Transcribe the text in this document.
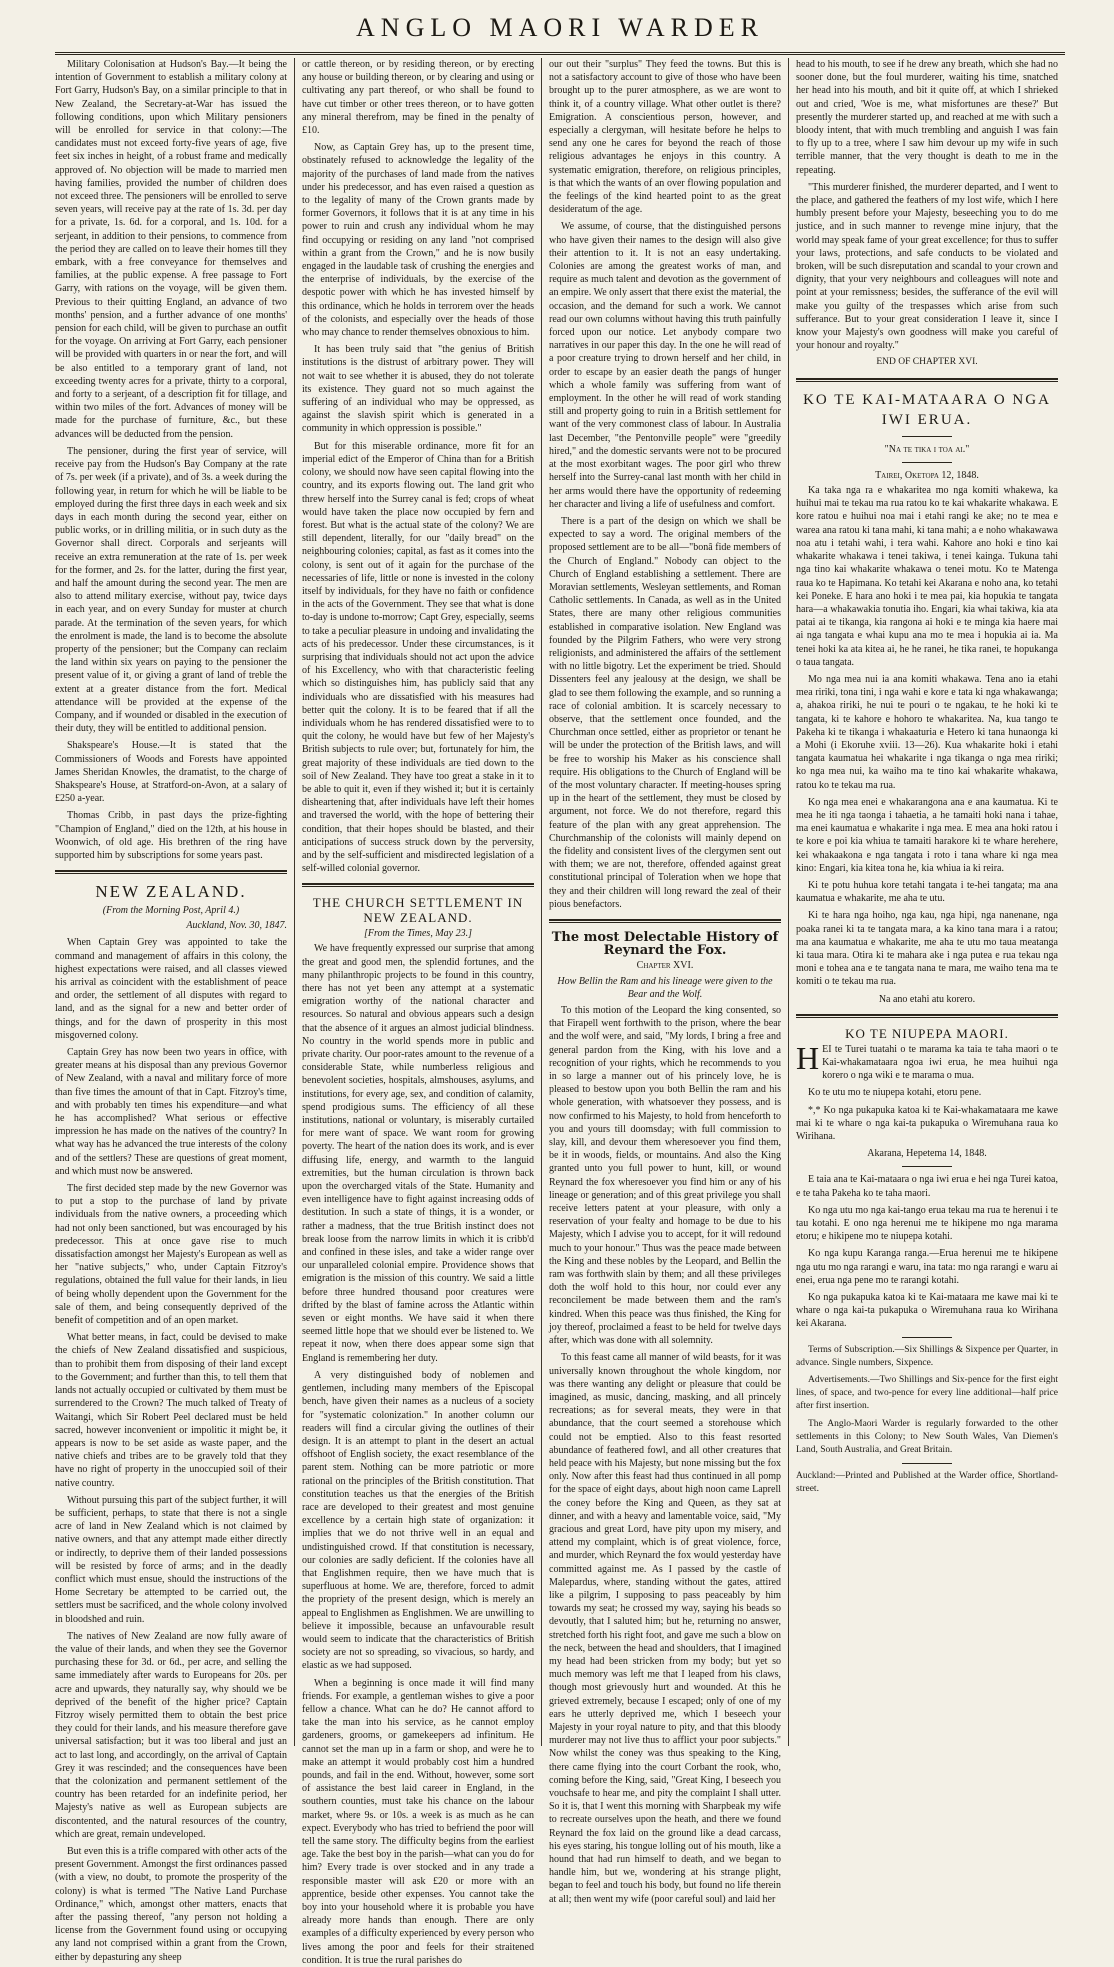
ANGLO MAORI WARDER

Military Colonisation at Hudson's Bay.—It being the intention of Government to establish a military colony at Fort Garry, Hudson's Bay, on a similar principle to that in New Zealand, the Secretary-at-War has issued the following conditions, upon which Military pensioners will be enrolled for service in that colony:—The candidates must not exceed forty-five years of age, five feet six inches in height, of a robust frame and medically approved of. No objection will be made to married men having families, provided the number of children does not exceed three. The pensioners will be enrolled to serve seven years, will receive pay at the rate of 1s. 3d. per day for a private, 1s. 6d. for a corporal, and 1s. 10d. for a serjeant, in addition to their pensions, to commence from the period they are called on to leave their homes till they embark, with a free conveyance for themselves and families, at the public expense. A free passage to Fort Garry, with rations on the voyage, will be given them. Previous to their quitting England, an advance of two months' pension, and a further advance of one months' pension for each child, will be given to purchase an outfit for the voyage. On arriving at Fort Garry, each pensioner will be provided with quarters in or near the fort, and will be also entitled to a temporary grant of land, not exceeding twenty acres for a private, thirty to a corporal, and forty to a serjeant, of a description fit for tillage, and within two miles of the fort. Advances of money will be made for the purchase of furniture, &c., but these advances will be deducted from the pension.

The pensioner, during the first year of service, will receive pay from the Hudson's Bay Company at the rate of 7s. per week (if a private), and of 3s. a week during the following year, in return for which he will be liable to be employed during the first three days in each week and six days in each month during the second year, either on public works, or in drilling militia, or in such duty as the Governor shall direct. Corporals and serjeants will receive an extra remuneration at the rate of 1s. per week for the former, and 2s. for the latter, during the first year, and half the amount during the second year. The men are also to attend military exercise, without pay, twice days in each year, and on every Sunday for muster at church parade. At the termination of the seven years, for which the enrolment is made, the land is to become the absolute property of the pensioner; but the Company can reclaim the land within six years on paying to the pensioner the present value of it, or giving a grant of land of treble the extent at a greater distance from the fort. Medical attendance will be provided at the expense of the Company, and if wounded or disabled in the execution of their duty, they will be entitled to additional pension.

Shakspeare's House.—It is stated that the Commissioners of Woods and Forests have appointed James Sheridan Knowles, the dramatist, to the charge of Shakspeare's House, at Stratford-on-Avon, at a salary of £250 a-year.

Thomas Cribb, in past days the prize-fighting "Champion of England," died on the 12th, at his house in Woonwich, of old age. His brethren of the ring have supported him by subscriptions for some years past.

NEW ZEALAND.
(From the Morning Post, April 4.)
Auckland, Nov. 30, 1847.

When Captain Grey was appointed to take the command and management of affairs in this colony, the highest expectations were raised, and all classes viewed his arrival as coincident with the establishment of peace and order, the settlement of all disputes with regard to land, and as the signal for a new and better order of things, and for the dawn of prosperity in this most misgoverned colony.

Captain Grey has now been two years in office, with greater means at his disposal than any previous Governor of New Zealand, with a naval and military force of more than five times the amount of that in Capt. Fitzroy's time, and with probably ten times his expenditure—and what he has accomplished? What serious or effective impression he has made on the natives of the country? In what way has he advanced the true interests of the colony and of the settlers? These are questions of great moment, and which must now be answered.

The first decided step made by the new Governor was to put a stop to the purchase of land by private individuals from the native owners, a proceeding which had not only been sanctioned, but was encouraged by his predecessor. This at once gave rise to much dissatisfaction amongst her Majesty's European as well as her "native subjects," who, under Captain Fitzroy's regulations, obtained the full value for their lands, in lieu of being wholly dependent upon the Government for the sale of them, and being consequently deprived of the benefit of competition and of an open market.

What better means, in fact, could be devised to make the chiefs of New Zealand dissatisfied and suspicious, than to prohibit them from disposing of their land except to the Government; and further than this, to tell them that lands not actually occupied or cultivated by them must be surrendered to the Crown? The much talked of Treaty of Waitangi, which Sir Robert Peel declared must be held sacred, however inconvenient or impolitic it might be, it appears is now to be set aside as waste paper, and the native chiefs and tribes are to be gravely told that they have no right of property in the unoccupied soil of their native country.

Without pursuing this part of the subject further, it will be sufficient, perhaps, to state that there is not a single acre of land in New Zealand which is not claimed by native owners, and that any attempt made either directly or indirectly, to deprive them of their landed possessions will be resisted by force of arms; and in the deadly conflict which must ensue, should the instructions of the Home Secretary be attempted to be carried out, the settlers must be sacrificed, and the whole colony involved in bloodshed and ruin.

The natives of New Zealand are now fully aware of the value of their lands, and when they see the Governor purchasing these for 3d. or 6d., per acre, and selling the same immediately after wards to Europeans for 20s. per acre and upwards, they naturally say, why should we be deprived of the benefit of the higher price? Captain Fitzroy wisely permitted them to obtain the best price they could for their lands, and his measure therefore gave universal satisfaction; but it was too liberal and just an act to last long, and accordingly, on the arrival of Captain Grey it was rescinded; and the consequences have been that the colonization and permanent settlement of the country has been retarded for an indefinite period, her Majesty's native as well as European subjects are discontented, and the natural resources of the country, which are great, remain undeveloped.

But even this is a trifle compared with other acts of the present Government. Amongst the first ordinances passed (with a view, no doubt, to promote the prosperity of the colony) is what is termed "The Native Land Purchase Ordinance," which, amongst other matters, enacts that after the passing thereof, "any person not holding a license from the Government found using or occupying any land not comprised within a grant from the Crown, either by depasturing any sheep

or cattle thereon, or by residing thereon, or by erecting any house or building thereon, or by clearing and using or cultivating any part thereof, or who shall be found to have cut timber or other trees thereon, or to have gotten any mineral therefrom, may be fined in the penalty of £10.

Now, as Captain Grey has, up to the present time, obstinately refused to acknowledge the legality of the majority of the purchases of land made from the natives under his predecessor, and has even raised a question as to the legality of many of the Crown grants made by former Governors, it follows that it is at any time in his power to ruin and crush any individual whom he may find occupying or residing on any land "not comprised within a grant from the Crown," and he is now busily engaged in the laudable task of crushing the energies and the enterprise of individuals, by the exercise of the despotic power with which he has invested himself by this ordinance, which he holds in terrorem over the heads of the colonists, and especially over the heads of those who may chance to render themselves obnoxious to him.

It has been truly said that "the genius of British institutions is the distrust of arbitrary power. They will not wait to see whether it is abused, they do not tolerate its existence. They guard not so much against the suffering of an individual who may be oppressed, as against the slavish spirit which is generated in a community in which oppression is possible."

But for this miserable ordinance, more fit for an imperial edict of the Emperor of China than for a British colony, we should now have seen capital flowing into the country, and its exports flowing out. The land grit who threw herself into the Surrey canal is fed; crops of wheat would have taken the place now occupied by fern and forest. But what is the actual state of the colony? We are still dependent, literally, for our "daily bread" on the neighbouring colonies; capital, as fast as it comes into the colony, is sent out of it again for the purchase of the necessaries of life, little or none is invested in the colony itself by individuals, for they have no faith or confidence in the acts of the Government. They see that what is done to-day is undone to-morrow; Capt Grey, especially, seems to take a peculiar pleasure in undoing and invalidating the acts of his predecessor. Under these circumstances, is it surprising that individuals should not act upon the advice of his Excellency, who with that characteristic feeling which so distinguishes him, has publicly said that any individuals who are dissatisfied with his measures had better quit the colony. It is to be feared that if all the individuals whom he has rendered dissatisfied were to to quit the colony, he would have but few of her Majesty's British subjects to rule over; but, fortunately for him, the great majority of these individuals are tied down to the soil of New Zealand. They have too great a stake in it to be able to quit it, even if they wished it; but it is certainly disheartening that, after individuals have left their homes and traversed the world, with the hope of bettering their condition, that their hopes should be blasted, and their anticipations of success struck down by the perversity, and by the self-sufficient and misdirected legislation of a self-willed colonial governor.

THE CHURCH SETTLEMENT IN NEW ZEALAND.
[From the Times, May 23.]

We have frequently expressed our surprise that among the great and good men, the splendid fortunes, and the many philanthropic projects to be found in this country, there has not yet been any attempt at a systematic emigration worthy of the national character and resources. So natural and obvious appears such a design that the absence of it argues an almost judicial blindness. No country in the world spends more in public and private charity. Our poor-rates amount to the revenue of a considerable State, while numberless religious and benevolent societies, hospitals, almshouses, asylums, and institutions, for every age, sex, and condition of calamity, spend prodigious sums. The efficiency of all these institutions, national or voluntary, is miserably curtailed for mere want of space. We want room for growing poverty. The heart of the nation does its work, and is ever diffusing life, energy, and warmth to the languid extremities, but the human circulation is thrown back upon the overcharged vitals of the State. Humanity and even intelligence have to fight against increasing odds of destitution. In such a state of things, it is a wonder, or rather a madness, that the true British instinct does not break loose from the narrow limits in which it is cribb'd and confined in these isles, and take a wider range over our unparalleled colonial empire. Providence shows that emigration is the mission of this country. We said a little before three hundred thousand poor creatures were drifted by the blast of famine across the Atlantic within seven or eight months. We have said it when there seemed little hope that we should ever be listened to. We repeat it now, when there does appear some sign that England is remembering her duty.

A very distinguished body of noblemen and gentlemen, including many members of the Episcopal bench, have given their names as a nucleus of a society for "systematic colonization." In another column our readers will find a circular giving the outlines of their design. It is an attempt to plant in the desert an actual offshoot of English society, the exact resemblance of the parent stem. Nothing can be more patriotic or more rational on the principles of the British constitution. That constitution teaches us that the energies of the British race are developed to their greatest and most genuine excellence by a certain high state of organization: it implies that we do not thrive well in an equal and undistinguished crowd. If that constitution is necessary, our colonies are sadly deficient. If the colonies have all that Englishmen require, then we have much that is superfluous at home. We are, therefore, forced to admit the propriety of the present design, which is merely an appeal to Englishmen as Englishmen. We are unwilling to believe it impossible, because an unfavourable result would seem to indicate that the characteristics of British society are not so spreading, so vivacious, so hardy, and elastic as we had supposed.

When a beginning is once made it will find many friends. For example, a gentleman wishes to give a poor fellow a chance. What can he do? He cannot afford to take the man into his service, as he cannot employ gardeners, grooms, or gamekeepers ad infinitum. He cannot set the man up in a farm or shop, and were he to make an attempt it would probably cost him a hundred pounds, and fail in the end. Without, however, some sort of assistance the best laid career in England, in the southern counties, must take his chance on the labour market, where 9s. or 10s. a week is as much as he can expect. Everybody who has tried to befriend the poor will tell the same story. The difficulty begins from the earliest age. Take the best boy in the parish—what can you do for him? Every trade is over stocked and in any trade a responsible master will ask £20 or more with an apprentice, beside other expenses. You cannot take the boy into your household where it is probable you have already more hands than enough. There are only examples of a difficulty experienced by every person who lives among the poor and feels for their straitened condition. It is true the rural parishes do

our out their "surplus" They feed the towns. But this is not a satisfactory account to give of those who have been brought up to the purer atmosphere, as we are wont to think it, of a country village. What other outlet is there? Emigration. A conscientious person, however, and especially a clergyman, will hesitate before he helps to send any one he cares for beyond the reach of those religious advantages he enjoys in this country. A systematic emigration, therefore, on religious principles, is that which the wants of an over flowing population and the feelings of the kind hearted point to as the great desideratum of the age.

We assume, of course, that the distinguished persons who have given their names to the design will also give their attention to it. It is not an easy undertaking. Colonies are among the greatest works of man, and require as much talent and devotion as the government of an empire. We only assert that there exist the material, the occasion, and the demand for such a work. We cannot read our own columns without having this truth painfully forced upon our notice. Let anybody compare two narratives in our paper this day. In the one he will read of a poor creature trying to drown herself and her child, in order to escape by an easier death the pangs of hunger which a whole family was suffering from want of employment. In the other he will read of work standing still and property going to ruin in a British settlement for want of the very commonest class of labour. In Australia last December, "the Pentonville people" were "greedily hired," and the domestic servants were not to be procured at the most exorbitant wages. The poor girl who threw herself into the Surrey-canal last month with her child in her arms would there have the opportunity of redeeming her character and living a life of usefulness and comfort.

There is a part of the design on which we shall be expected to say a word. The original members of the proposed settlement are to be all—"bonâ fide members of the Church of England." Nobody can object to the Church of England establishing a settlement. There are Moravian settlements, Wesleyan settlements, and Roman Catholic settlements. In Canada, as well as in the United States, there are many other religious communities established in comparative isolation. New England was founded by the Pilgrim Fathers, who were very strong religionists, and administered the affairs of the settlement with no little bigotry. Let the experiment be tried. Should Dissenters feel any jealousy at the design, we shall be glad to see them following the example, and so running a race of colonial ambition. It is scarcely necessary to observe, that the settlement once founded, and the Churchman once settled, either as proprietor or tenant he will be under the protection of the British laws, and will be free to worship his Maker as his conscience shall require. His obligations to the Church of England will be of the most voluntary character. If meeting-houses spring up in the heart of the settlement, they must be closed by argument, not force. We do not therefore, regard this feature of the plan with any great apprehension. The Churchmanship of the colonists will mainly depend on the fidelity and consistent lives of the clergymen sent out with them; we are not, therefore, offended against great constitutional principal of Toleration when we hope that they and their children will long reward the zeal of their pious benefactors.

The most Delectable History of Reynard the Fox.
Chapter XVI.
How Bellin the Ram and his lineage were given to the Bear and the Wolf.

To this motion of the Leopard the king consented, so that Firapell went forthwith to the prison, where the bear and the wolf were, and said, "My lords, I bring a free and general pardon from the King, with his love and a recognition of your rights, which he recommends to you in so large a manner out of his princely love, he is pleased to bestow upon you both Bellin the ram and his whole generation, with whatsoever they possess, and is now confirmed to his Majesty, to hold from henceforth to you and yours till doomsday; with full commission to slay, kill, and devour them wheresoever you find them, be it in woods, fields, or mountains. And also the King granted unto you full power to hunt, kill, or wound Reynard the fox wheresoever you find him or any of his lineage or generation; and of this great privilege you shall receive letters patent at your pleasure, with only a reservation of your fealty and homage to be due to his Majesty, which I advise you to accept, for it will redound much to your honour." Thus was the peace made between the King and these nobles by the Leopard, and Bellin the ram was forthwith slain by them; and all these privileges doth the wolf hold to this hour, nor could ever any reconcilement be made between them and the ram's kindred. When this peace was thus finished, the King for joy thereof, proclaimed a feast to be held for twelve days after, which was done with all solemnity.

To this feast came all manner of wild beasts, for it was universally known throughout the whole kingdom, nor was there wanting any delight or pleasure that could be imagined, as music, dancing, masking, and all princely recreations; as for several meats, they were in that abundance, that the court seemed a storehouse which could not be emptied. Also to this feast resorted abundance of feathered fowl, and all other creatures that held peace with his Majesty, but none missing but the fox only. Now after this feast had thus continued in all pomp for the space of eight days, about high noon came Laprell the coney before the King and Queen, as they sat at dinner, and with a heavy and lamentable voice, said, "My gracious and great Lord, have pity upon my misery, and attend my complaint, which is of great violence, force, and murder, which Reynard the fox would yesterday have committed against me. As I passed by the castle of Malepardus, where, standing without the gates, attired like a pilgrim, I supposing to pass peaceably by him towards my seat; he crossed my way, saying his beads so devoutly, that I saluted him; but he, returning no answer, stretched forth his right foot, and gave me such a blow on the neck, between the head and shoulders, that I imagined my head had been stricken from my body; but yet so much memory was left me that I leaped from his claws, though most grievously hurt and wounded. At this he grieved extremely, because I escaped; only of one of my ears he utterly deprived me, which I beseech your Majesty in your royal nature to pity, and that this bloody murderer may not live thus to afflict your poor subjects." Now whilst the coney was thus speaking to the King, there came flying into the court Corbant the rook, who, coming before the King, said, "Great King, I beseech you vouchsafe to hear me, and pity the complaint I shall utter. So it is, that I went this morning with Sharpbeak my wife to recreate ourselves upon the heath, and there we found Reynard the fox laid on the ground like a dead carcass, his eyes staring, his tongue lolling out of his mouth, like a hound that had run himself to death, and we began to handle him, but we, wondering at his strange plight, began to feel and touch his body, but found no life therein at all; then went my wife (poor careful soul) and laid her

head to his mouth, to see if he drew any breath, which she had no sooner done, but the foul murderer, waiting his time, snatched her head into his mouth, and bit it quite off, at which I shrieked out and cried, 'Woe is me, what misfortunes are these?' But presently the murderer started up, and reached at me with such a bloody intent, that with much trembling and anguish I was fain to fly up to a tree, where I saw him devour up my wife in such terrible manner, that the very thought is death to me in the repeating.

"This murderer finished, the murderer departed, and I went to the place, and gathered the feathers of my lost wife, which I here humbly present before your Majesty, beseeching you to do me justice, and in such manner to revenge mine injury, that the world may speak fame of your great excellence; for thus to suffer your laws, protections, and safe conducts to be violated and broken, will be such disreputation and scandal to your crown and dignity, that your very neighbours and colleagues will note and point at your remissness; besides, the sufferance of the evil will make you guilty of the trespasses which arise from such sufferance. But to your great consideration I leave it, since I know your Majesty's own goodness will make you careful of your honour and royalty."

END OF CHAPTER XVI.
KO TE KAI-MATAARA O NGA IWI ERUA.
"Na te tika i toa ai."
Tairei, Oketopa 12, 1848.

Ka taka nga ra e whakaritea mo nga komiti whakewa, ka huihui mai te tekau ma rua ratou ko te kai whakarite whakawa. E kore ratou e huihui noa mai i etahi rangi ke ake; no te mea e warea ana ratou ki tana mahi, ki tana mahi; a e noho whakawawa noa atu i tetahi wahi, i tera wahi. Kahore ano hoki e tino kai whakarite whakawa i tenei takiwa, i tenei kainga. Tukuna tahi nga tino kai whakarite whakawa o tenei motu. Ko te Matenga raua ko te Hapimana. Ko tetahi kei Akarana e noho ana, ko tetahi kei Poneke. E hara ano hoki i te mea pai, kia hopukia te tangata hara—a whakawakia tonutia iho. Engari, kia whai takiwa, kia ata patai ai te tikanga, kia rangona ai hoki e te minga kia haere mai ai nga tangata e whai kupu ana mo te mea i hopukia ai ia. Ma tenei hoki ka ata kitea ai, he he ranei, he tika ranei, te hopukanga o taua tangata.

Mo nga mea nui ia ana komiti whakawa. Tena ano ia etahi mea ririki, tona tini, i nga wahi e kore e tata ki nga whakawanga; a, ahakoa ririki, he nui te pouri o te ngakau, te he hoki ki te tangata, ki te kahore e hohoro te whakaritea. Na, kua tango te Pakeha ki te tikanga i whakaaturia e Hetero ki tana hunaonga ki a Mohi (i Ekoruhe xviii. 13—26). Kua whakarite hoki i etahi tangata kaumatua hei whakarite i nga tikanga o nga mea ririki; ko nga mea nui, ka waiho ma te tino kai whakarite whakawa, ratou ko te tekau ma rua.

Ko nga mea enei e whakarangona ana e ana kaumatua. Ki te mea he iti nga taonga i tahaetia, a he tamaiti hoki nana i tahae, ma enei kaumatua e whakarite i nga mea. E mea ana hoki ratou i te kore e poi kia whiua te tamaiti harakore ki te whare herehere, kei whakaakona e nga tangata i roto i tana whare ki nga mea kino: Engari, kia kitea tona he, kia whiua ia ki reira.

Ki te potu huhua kore tetahi tangata i te-hei tangata; ma ana kaumatua e whakarite, me aha te utu.

Ki te hara nga hoiho, nga kau, nga hipi, nga nanenane, nga poaka ranei ki ta te tangata mara, a ka kino tana mara i a ratou; ma ana kaumatua e whakarite, me aha te utu mo taua meatanga ki taua mara. Otira ki te mahara ake i nga putea e rua tekau nga moni e tohea ana e te tangata nana te mara, me waiho tena ma te komiti o te tekau ma rua.

Na ano etahi atu korero.
KO TE NIUPEPA MAORI.

HEI te Turei tuatahi o te marama ka taia te taha maori o te Kai-whakamataara ngoa iwi erua, he mea huihui nga korero o nga wiki e te marama o mua.

Ko te utu mo te niupepa kotahi, etoru pene.

*,* Ko nga pukapuka katoa ki te Kai-whakamataara me kawe mai ki te whare o nga kai-ta pukapuka o Wiremuhana raua ko Wirihana.

Akarana, Hepetema 14, 1848.

E taia ana te Kai-mataara o nga iwi erua e hei nga Turei katoa, e te taha Pakeha ko te taha maori.

Ko nga utu mo nga kai-tango erua tekau ma rua te herenui i te tau kotahi. E ono nga herenui me te hikipene mo nga marama etoru; e hikipene mo te niupepa kotahi.

Ko nga kupu Karanga ranga.—Erua herenui me te hikipene nga utu mo nga rarangi e waru, ina tata: mo nga rarangi e waru ai enei, erua nga pene mo te rarangi kotahi.

Ko nga pukapuka katoa ki te Kai-mataara me kawe mai ki te whare o nga kai-ta pukapuka o Wiremuhana raua ko Wirihana kei Akarana.

Terms of Subscription.—Six Shillings & Sixpence per Quarter, in advance. Single numbers, Sixpence.

Advertisements.—Two Shillings and Six-pence for the first eight lines, of space, and two-pence for every line additional—half price after first insertion.

The Anglo-Maori Warder is regularly forwarded to the other settlements in this Colony; to New South Wales, Van Diemen's Land, South Australia, and Great Britain.

Auckland:—Printed and Published at the Warder office, Shortland-street.
